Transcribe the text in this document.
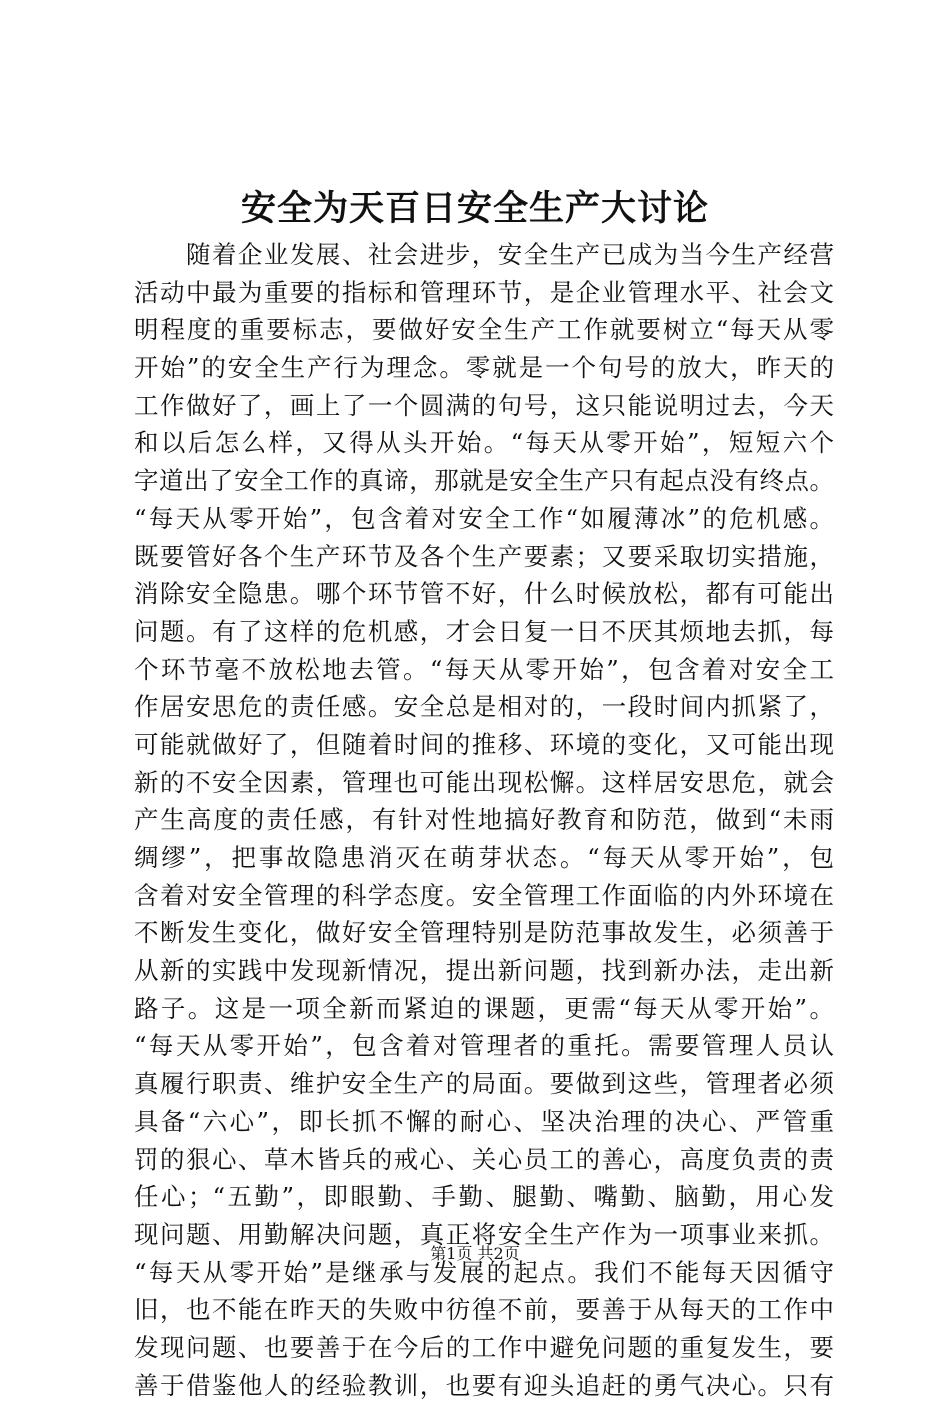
安全为天百日安全生产大讨论
　　随着企业发展、社会进步，安全生产已成为当今生产经营
活动中最为重要的指标和管理环节，是企业管理水平、社会文
明程度的重要标志，要做好安全生产工作就要树立“每天从零
开始”的安全生产行为理念。零就是一个句号的放大，昨天的
工作做好了，画上了一个圆满的句号，这只能说明过去，今天
和以后怎么样，又得从头开始。“每天从零开始”，短短六个
字道出了安全工作的真谛，那就是安全生产只有起点没有终点。
“每天从零开始”，包含着对安全工作“如履薄冰”的危机感。
既要管好各个生产环节及各个生产要素；又要采取切实措施，
消除安全隐患。哪个环节管不好，什么时候放松，都有可能出
问题。有了这样的危机感，才会日复一日不厌其烦地去抓，每
个环节毫不放松地去管。“每天从零开始”，包含着对安全工
作居安思危的责任感。安全总是相对的，一段时间内抓紧了，
可能就做好了，但随着时间的推移、环境的变化，又可能出现
新的不安全因素，管理也可能出现松懈。这样居安思危，就会
产生高度的责任感，有针对性地搞好教育和防范，做到“未雨
绸缪”，把事故隐患消灭在萌芽状态。“每天从零开始”，包
含着对安全管理的科学态度。安全管理工作面临的内外环境在
不断发生变化，做好安全管理特别是防范事故发生，必须善于
从新的实践中发现新情况，提出新问题，找到新办法，走出新
路子。这是一项全新而紧迫的课题，更需“每天从零开始”。
“每天从零开始”，包含着对管理者的重托。需要管理人员认
真履行职责、维护安全生产的局面。要做到这些，管理者必须
具备“六心”，即长抓不懈的耐心、坚决治理的决心、严管重
罚的狠心、草木皆兵的戒心、关心员工的善心，高度负责的责
任心；“五勤”，即眼勤、手勤、腿勤、嘴勤、脑勤，用心发
现问题、用勤解决问题，真正将安全生产作为一项事业来抓。
“每天从零开始”是继承与发展的起点。我们不能每天因循守
旧，也不能在昨天的失败中彷徨不前，要善于从每天的工作中
发现问题、也要善于在今后的工作中避免问题的重复发生，要
善于借鉴他人的经验教训，也要有迎头追赶的勇气决心。只有
第1页 共2页
